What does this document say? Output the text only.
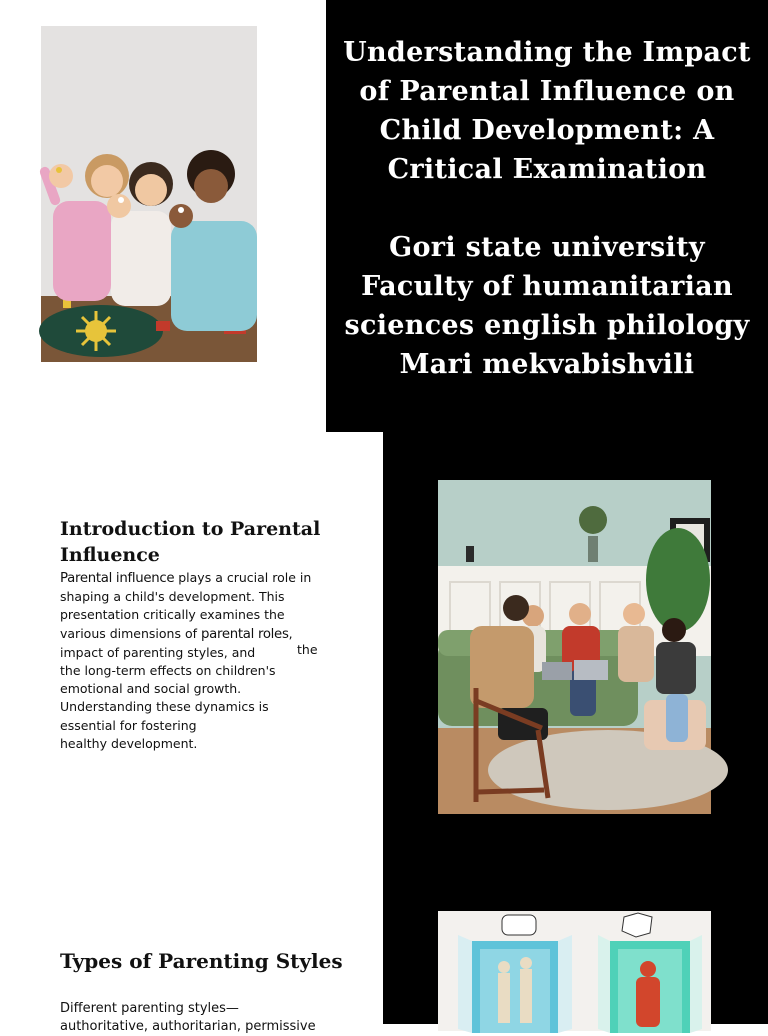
Understanding the Impact of Parental Influence on Child Development: A Critical Examination
Gori state university
Faculty of humanitarian
sciences english philology
Mari mekvabishvili
Introduction to Parental Influence

Parental influence plays a crucial role in shaping a child's development. This presentation critically examines the various dimensions of parental roles,
impact of parenting styles, and	the
the long-term effects on children's emotional and social growth. Understanding these dynamics is essential for fostering
healthy development.

Types of Parenting Styles

Different parenting styles—authoritative, authoritarian, permissive
